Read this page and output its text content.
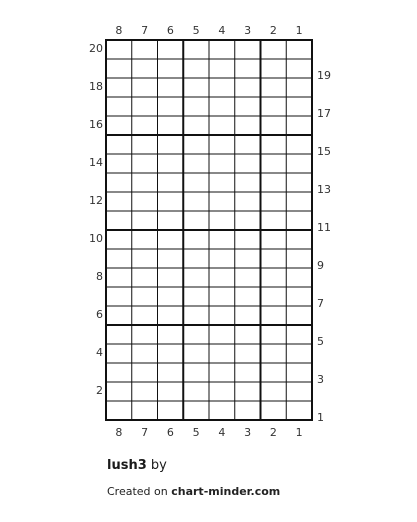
8
8
7
7
6
6
5
5
4
4
3
3
2
2
1
1
20
18
16
14
12
10
8
6
4
2
19
17
15
13
11
9
7
5
3
1
lush3 by
Created on chart-minder.com
